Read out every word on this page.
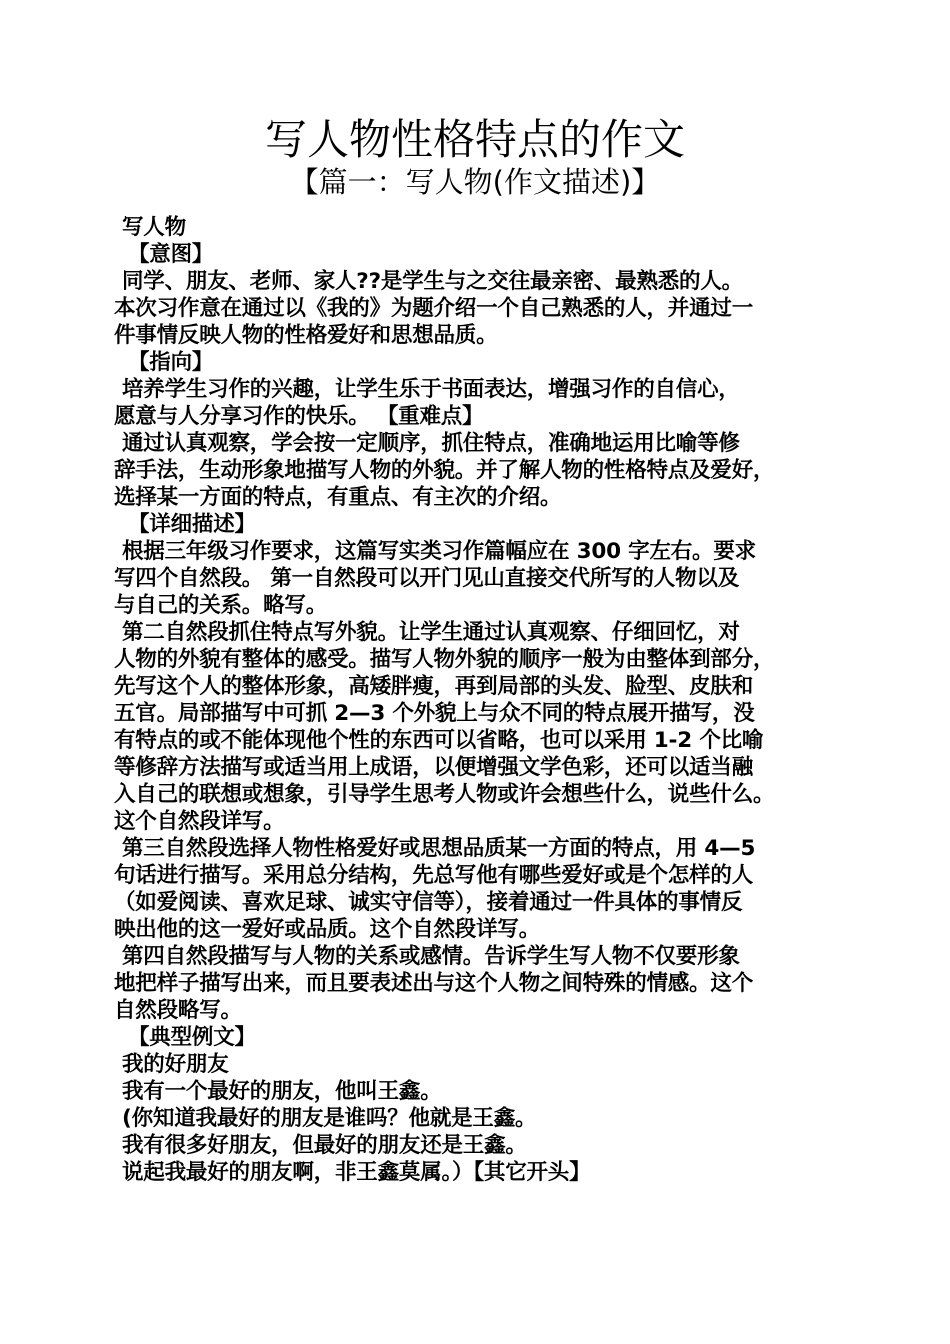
写人物性格特点的作文
【篇一：写人物(作文描述)】
写人物
【意图】
同学、朋友、老师、家人??是学生与之交往最亲密、最熟悉的人。
本次习作意在通过以《我的》为题介绍一个自己熟悉的人，并通过一
件事情反映人物的性格爱好和思想品质。
【指向】
培养学生习作的兴趣，让学生乐于书面表达，增强习作的自信心，
愿意与人分享习作的快乐。 【重难点】
通过认真观察，学会按一定顺序，抓住特点，准确地运用比喻等修
辞手法，生动形象地描写人物的外貌。并了解人物的性格特点及爱好，
选择某一方面的特点，有重点、有主次的介绍。
【详细描述】
根据三年级习作要求，这篇写实类习作篇幅应在 300 字左右。要求
写四个自然段。 第一自然段可以开门见山直接交代所写的人物以及
与自己的关系。略写。
第二自然段抓住特点写外貌。让学生通过认真观察、仔细回忆，对
人物的外貌有整体的感受。描写人物外貌的顺序一般为由整体到部分，
先写这个人的整体形象，高矮胖瘦，再到局部的头发、脸型、皮肤和
五官。局部描写中可抓 2—3 个外貌上与众不同的特点展开描写，没
有特点的或不能体现他个性的东西可以省略，也可以采用 1-2 个比喻
等修辞方法描写或适当用上成语，以便增强文学色彩，还可以适当融
入自己的联想或想象，引导学生思考人物或许会想些什么，说些什么。
这个自然段详写。
第三自然段选择人物性格爱好或思想品质某一方面的特点，用 4—5
句话进行描写。采用总分结构，先总写他有哪些爱好或是个怎样的人
（如爱阅读、喜欢足球、诚实守信等），接着通过一件具体的事情反
映出他的这一爱好或品质。这个自然段详写。
第四自然段描写与人物的关系或感情。告诉学生写人物不仅要形象
地把样子描写出来，而且要表述出与这个人物之间特殊的情感。这个
自然段略写。
【典型例文】
我的好朋友
我有一个最好的朋友，他叫王鑫。
(你知道我最好的朋友是谁吗？他就是王鑫。
我有很多好朋友，但最好的朋友还是王鑫。
说起我最好的朋友啊，非王鑫莫属。）【其它开头】
